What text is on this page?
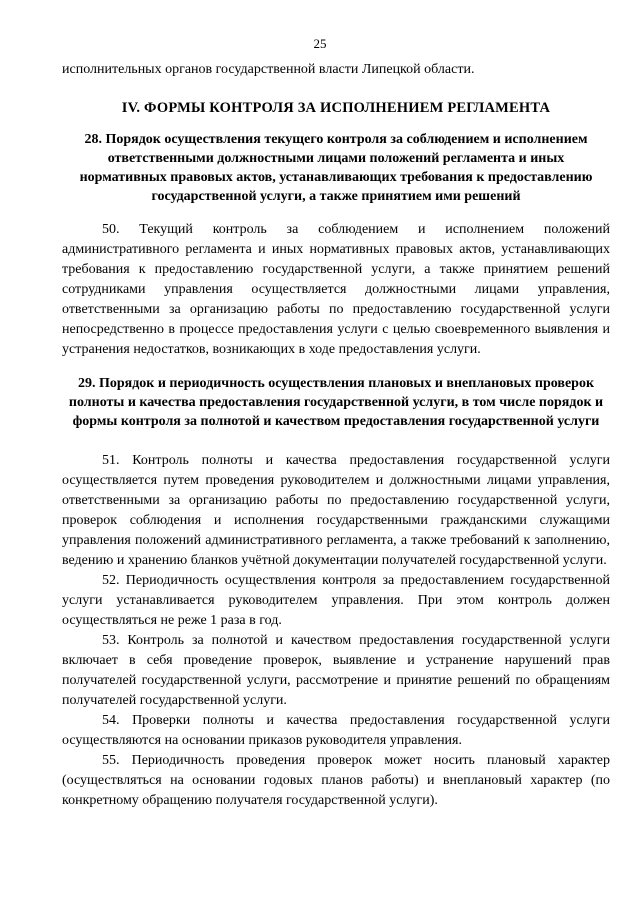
25

исполнительных органов государственной власти Липецкой области.

IV. ФОРМЫ КОНТРОЛЯ ЗА ИСПОЛНЕНИЕМ РЕГЛАМЕНТА
28. Порядок осуществления текущего контроля за соблюдением и исполнением ответственными должностными лицами положений регламента и иных нормативных правовых актов, устанавливающих требования к предоставлению государственной услуги, а также принятием ими решений

50. Текущий контроль за соблюдением и исполнением положений административного регламента и иных нормативных правовых актов, устанавливающих требования к предоставлению государственной услуги, а также принятием решений сотрудниками управления осуществляется должностными лицами управления, ответственными за организацию работы по предоставлению государственной услуги непосредственно в процессе предоставления услуги с целью своевременного выявления и устранения недостатков, возникающих в ходе предоставления услуги.

29. Порядок и периодичность осуществления плановых и внеплановых проверок полноты и качества предоставления государственной услуги, в том числе порядок и формы контроля за полнотой и качеством предоставления государственной услуги

51. Контроль полноты и качества предоставления государственной услуги осуществляется путем проведения руководителем и должностными лицами управления, ответственными за организацию работы по предоставлению государственной услуги, проверок соблюдения и исполнения государственными гражданскими служащими управления положений административного регламента, а также требований к заполнению, ведению и хранению бланков учётной документации получателей государственной услуги.

52. Периодичность осуществления контроля за предоставлением государственной услуги устанавливается руководителем управления. При этом контроль должен осуществляться не реже 1 раза в год.

53. Контроль за полнотой и качеством предоставления государственной услуги включает в себя проведение проверок, выявление и устранение нарушений прав получателей государственной услуги, рассмотрение и принятие решений по обращениям получателей государственной услуги.

54. Проверки полноты и качества предоставления государственной услуги осуществляются на основании приказов руководителя управления.

55. Периодичность проведения проверок может носить плановый характер (осуществляться на основании годовых планов работы) и внеплановый характер (по конкретному обращению получателя государственной услуги).
